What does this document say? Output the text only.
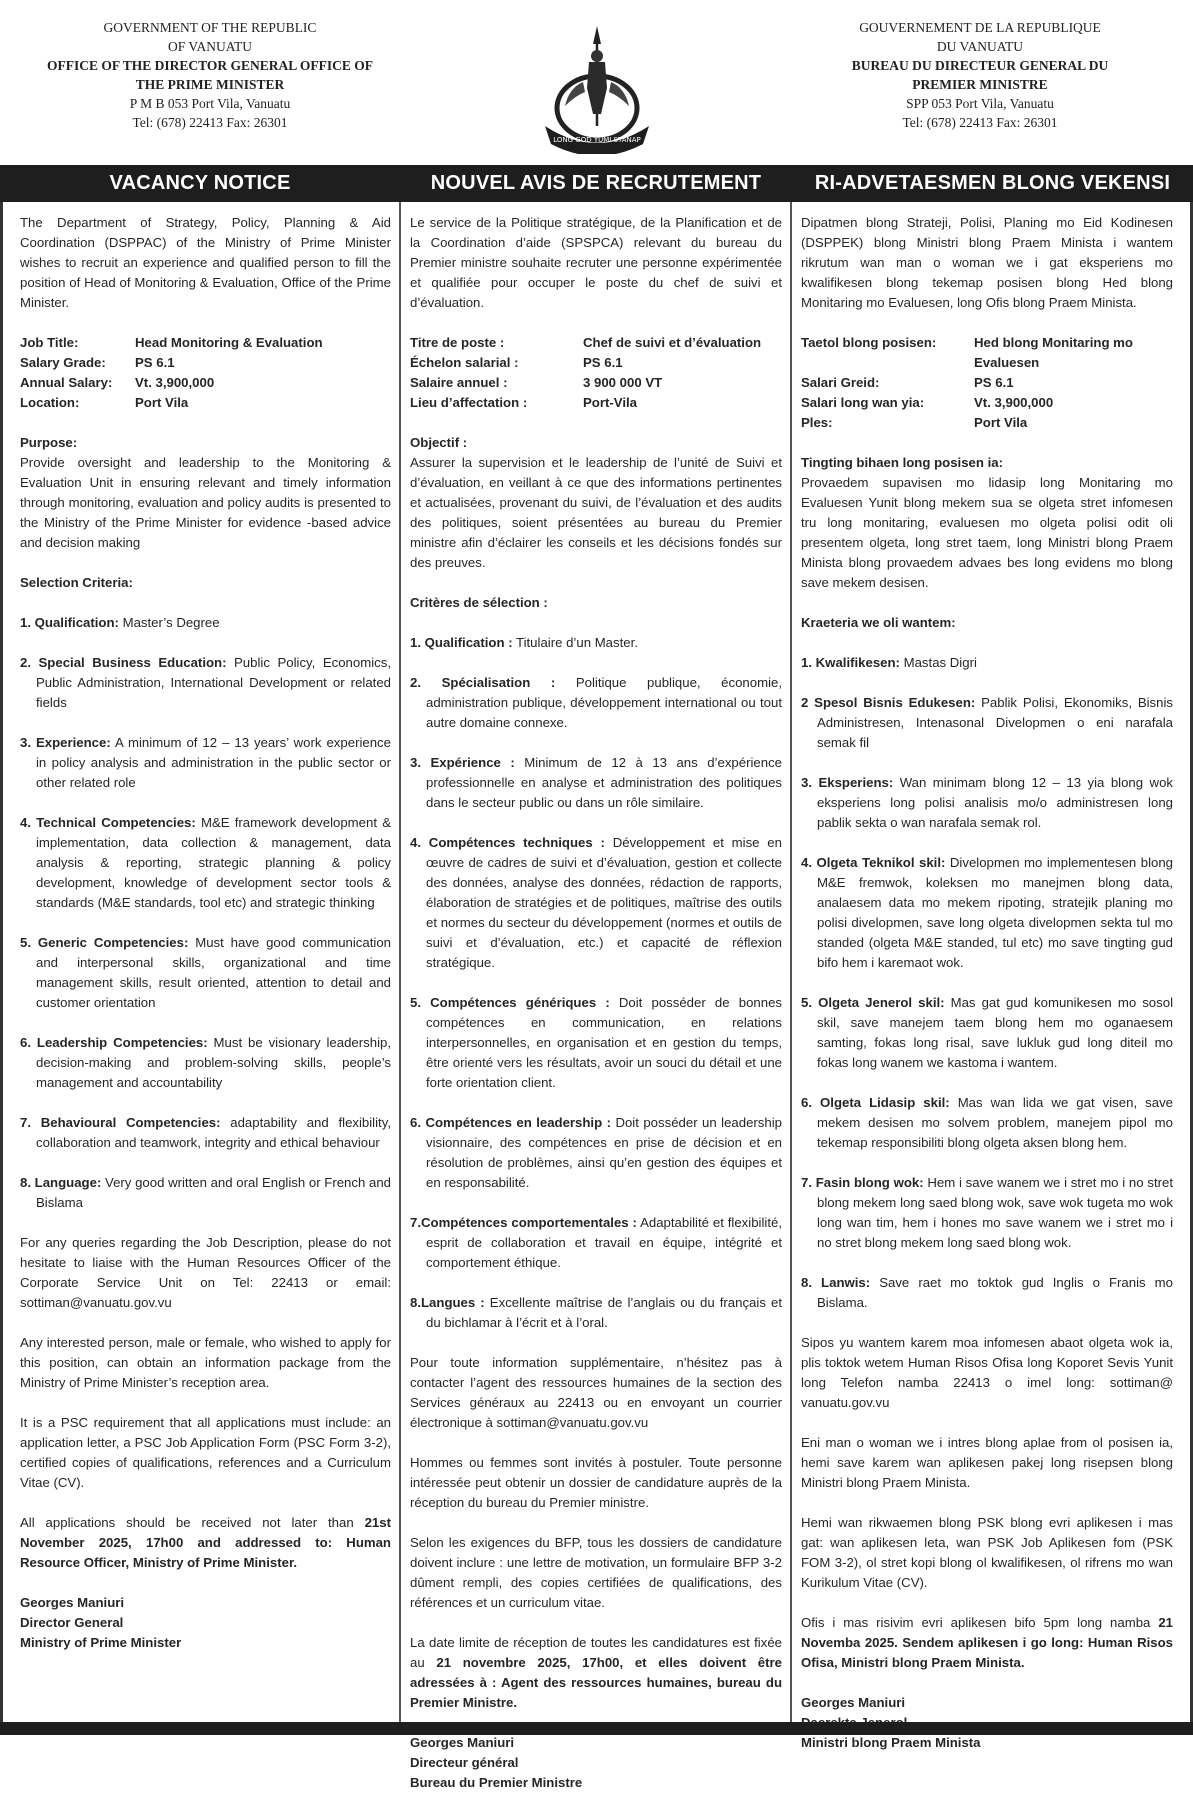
GOVERNMENT OF THE REPUBLIC
OF VANUATU
OFFICE OF THE DIRECTOR GENERAL OFFICE OF
THE PRIME MINISTER
P M B 053 Port Vila, Vanuatu
Tel: (678) 22413 Fax: 26301
LONG GOD YUMI STANAP
GOUVERNEMENT DE LA REPUBLIQUE
DU VANUATU
BUREAU DU DIRECTEUR GENERAL DU
PREMIER MINISTRE
SPP 053 Port Vila, Vanuatu
Tel: (678) 22413 Fax: 26301
VACANCY NOTICE	NOUVEL AVIS DE RECRUTEMENT	RI-ADVETAESMEN BLONG VEKENSI

The Department of Strategy, Policy, Planning & Aid Coordination (DSPPAC) of the Ministry of Prime Minister wishes to recruit an experience and qualified person to fill the position of Head of Monitoring & Evaluation, Office of the Prime Minister.

Job Title:	Head Monitoring & Evaluation
Salary Grade:	PS 6.1
Annual Salary:	Vt. 3,900,000
Location:	Port Vila

Purpose:
Provide oversight and leadership to the Monitoring & Evaluation Unit in ensuring relevant and timely information through monitoring, evaluation and policy audits is presented to the Ministry of the Prime Minister for evidence -based advice and decision making

Selection Criteria:

1. Qualification: Master’s Degree
2. Special Business Education: Public Policy, Economics, Public Administration, International Development or related fields
3. Experience: A minimum of 12 – 13 years’ work experience in policy analysis and administration in the public sector or other related role
4. Technical Competencies: M&E framework development & implementation, data collection & management, data analysis & reporting, strategic planning & policy development, knowledge of development sector tools & standards (M&E standards, tool etc) and strategic thinking
5. Generic Competencies: Must have good communication and interpersonal skills, organizational and time management skills, result oriented, attention to detail and customer orientation
6. Leadership Competencies: Must be visionary leadership, decision-making and problem-solving skills, people’s management and accountability
7. Behavioural Competencies: adaptability and flexibility, collaboration and teamwork, integrity and ethical behaviour
8. Language: Very good written and oral English or French and Bislama

For any queries regarding the Job Description, please do not hesitate to liaise with the Human Resources Officer of the Corporate Service Unit on Tel: 22413 or email: sottiman@vanuatu.gov.vu

Any interested person, male or female, who wished to apply for this position, can obtain an information package from the Ministry of Prime Minister’s reception area.

It is a PSC requirement that all applications must include: an application letter, a PSC Job Application Form (PSC Form 3-2), certified copies of qualifications, references and a Curriculum Vitae (CV).

All applications should be received not later than 21st November 2025, 17h00 and addressed to: Human Resource Officer, Ministry of Prime Minister.

Georges Maniuri
Director General
Ministry of Prime Minister

Le service de la Politique stratégique, de la Planification et de la Coordination d’aide (SPSPCA) relevant du bureau du Premier ministre souhaite recruter une personne expérimentée et qualifiée pour occuper le poste du chef de suivi et d’évaluation.

Titre de poste :	Chef de suivi et d’évaluation
Échelon salarial :	PS 6.1
Salaire annuel :	3 900 000 VT
Lieu d’affectation :	Port-Vila

Objectif :
Assurer la supervision et le leadership de l’unité de Suivi et d’évaluation, en veillant à ce que des informations pertinentes et actualisées, provenant du suivi, de l’évaluation et des audits des politiques, soient présentées au bureau du Premier ministre afin d’éclairer les conseils et les décisions fondés sur des preuves.

Critères de sélection :

1. Qualification : Titulaire d’un Master.
2. Spécialisation : Politique publique, économie, administration publique, développement international ou tout autre domaine connexe.
3. Expérience : Minimum de 12 à 13 ans d’expérience professionnelle en analyse et administration des politiques dans le secteur public ou dans un rôle similaire.
4. Compétences techniques : Développement et mise en œuvre de cadres de suivi et d’évaluation, gestion et collecte des données, analyse des données, rédaction de rapports, élaboration de stratégies et de politiques, maîtrise des outils et normes du secteur du développement (normes et outils de suivi et d’évaluation, etc.) et capacité de réflexion stratégique.
5. Compétences génériques : Doit posséder de bonnes compétences en communication, en relations interpersonnelles, en organisation et en gestion du temps, être orienté vers les résultats, avoir un souci du détail et une forte orientation client.
6. Compétences en leadership : Doit posséder un leadership visionnaire, des compétences en prise de décision et en résolution de problèmes, ainsi qu’en gestion des équipes et en responsabilité.
7.Compétences comportementales : Adaptabilité et flexibilité, esprit de collaboration et travail en équipe, intégrité et comportement éthique.
8.Langues : Excellente maîtrise de l’anglais ou du français et du bichlamar à l’écrit et à l’oral.

Pour toute information supplémentaire, n’hésitez pas à contacter l’agent des ressources humaines de la section des Services généraux au 22413 ou en envoyant un courrier électronique à sottiman@vanuatu.gov.vu

Hommes ou femmes sont invités à postuler. Toute personne intéressée peut obtenir un dossier de candidature auprès de la réception du bureau du Premier ministre.

Selon les exigences du BFP, tous les dossiers de candidature doivent inclure : une lettre de motivation, un formulaire BFP 3-2 dûment rempli, des copies certifiées de qualifications, des références et un curriculum vitae.

La date limite de réception de toutes les candidatures est fixée au 21 novembre 2025, 17h00, et elles doivent être adressées à : Agent des ressources humaines, bureau du Premier Ministre.

Georges Maniuri
Directeur général
Bureau du Premier Ministre

Dipatmen blong Strateji, Polisi, Planing mo Eid Kodinesen (DSPPEK) blong Ministri blong Praem Minista i wantem rikrutum wan man o woman we i gat eksperiens mo kwalifikesen blong tekemap posisen blong Hed blong Monitaring mo Evaluesen, long Ofis blong Praem Minista.

Taetol blong posisen:	Hed blong Monitaring mo Evaluesen
Salari Greid:	PS 6.1
Salari long wan yia:	Vt. 3,900,000
Ples:	Port Vila

Tingting bihaen long posisen ia:
Provaedem supavisen mo lidasip long Monitaring mo Evaluesen Yunit blong mekem sua se olgeta stret infomesen tru long monitaring, evaluesen mo olgeta polisi odit oli presentem olgeta, long stret taem, long Ministri blong Praem Minista blong provaedem advaes bes long evidens mo blong save mekem desisen.

Kraeteria we oli wantem:

1. Kwalifikesen: Mastas Digri
2 Spesol Bisnis Edukesen: Pablik Polisi, Ekonomiks, Bisnis Administresen, Intenasonal Divelopmen o eni narafala semak fil
3. Eksperiens: Wan minimam blong 12 – 13 yia blong wok eksperiens long polisi analisis mo/o administresen long pablik sekta o wan narafala semak rol.
4. Olgeta Teknikol skil: Divelopmen mo implementesen blong M&E fremwok, koleksen mo manejmen blong data, analaesem data mo mekem ripoting, stratejik planing mo polisi divelopmen, save long olgeta divelopmen sekta tul mo standed (olgeta M&E standed, tul etc) mo save tingting gud bifo hem i karemaot wok.
5. Olgeta Jenerol skil: Mas gat gud komunikesen mo sosol skil, save manejem taem blong hem mo oganaesem samting, fokas long risal, save lukluk gud long diteil mo fokas long wanem we kastoma i wantem.
6. Olgeta Lidasip skil: Mas wan lida we gat visen, save mekem desisen mo solvem problem, manejem pipol mo tekemap responsibiliti blong olgeta aksen blong hem.
7. Fasin blong wok: Hem i save wanem we i stret mo i no stret blong mekem long saed blong wok, save wok tugeta mo wok long wan tim, hem i hones mo save wanem we i stret mo i no stret blong mekem long saed blong wok.
8. Lanwis: Save raet mo toktok gud Inglis o Franis mo Bislama.

Sipos yu wantem karem moa infomesen abaot olgeta wok ia, plis toktok wetem Human Risos Ofisa long Koporet Sevis Yunit long Telefon namba 22413 o imel long: sottiman@ vanuatu.gov.vu

Eni man o woman we i intres blong aplae from ol posisen ia, hemi save karem wan aplikesen pakej long risepsen blong Ministri blong Praem Minista.

Hemi wan rikwaemen blong PSK blong evri aplikesen i mas gat: wan aplikesen leta, wan PSK Job Aplikesen fom (PSK FOM 3-2), ol stret kopi blong ol kwalifikesen, ol rifrens mo wan Kurikulum Vitae (CV).

Ofis i mas risivim evri aplikesen bifo 5pm long namba 21 Novemba 2025. Sendem aplikesen i go long: Human Risos Ofisa, Ministri blong Praem Minista.

Georges Maniuri
Ministri blong Praem Minista
